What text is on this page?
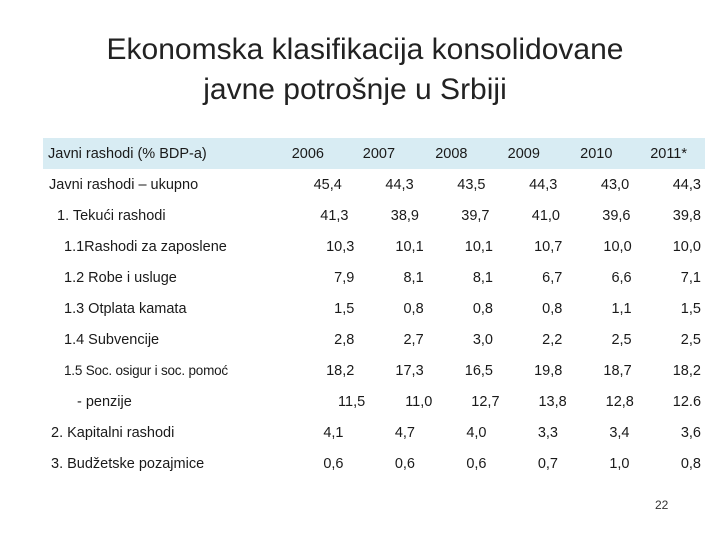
Ekonomska klasifikacija konsolidovane
javne potrošnje u Srbiji
Javni rashodi (% BDP-a)	2006	2007	2008	2009	2010	2011*
Javni rashodi – ukupno	45,4	44,3	43,5	44,3	43,0	44,3
1. Tekući rashodi	41,3	38,9	39,7	41,0	39,6	39,8
1.1Rashodi za zaposlene	10,3	10,1	10,1	10,7	10,0	10,0
1.2 Robe i usluge	7,9	8,1	8,1	6,7	6,6	7,1
1.3 Otplata kamata	1,5	0,8	0,8	0,8	1,1	1,5
1.4 Subvencije	2,8	2,7	3,0	2,2	2,5	2,5
1.5 Soc. osigur i soc. pomoć	18,2	17,3	16,5	19,8	18,7	18,2
- penzije	11,5	11,0	12,7	13,8	12,8	12.6
2. Kapitalni rashodi	4,1	4,7	4,0	3,3	3,4	3,6
3. Budžetske pozajmice	0,6	0,6	0,6	0,7	1,0	0,8
22
